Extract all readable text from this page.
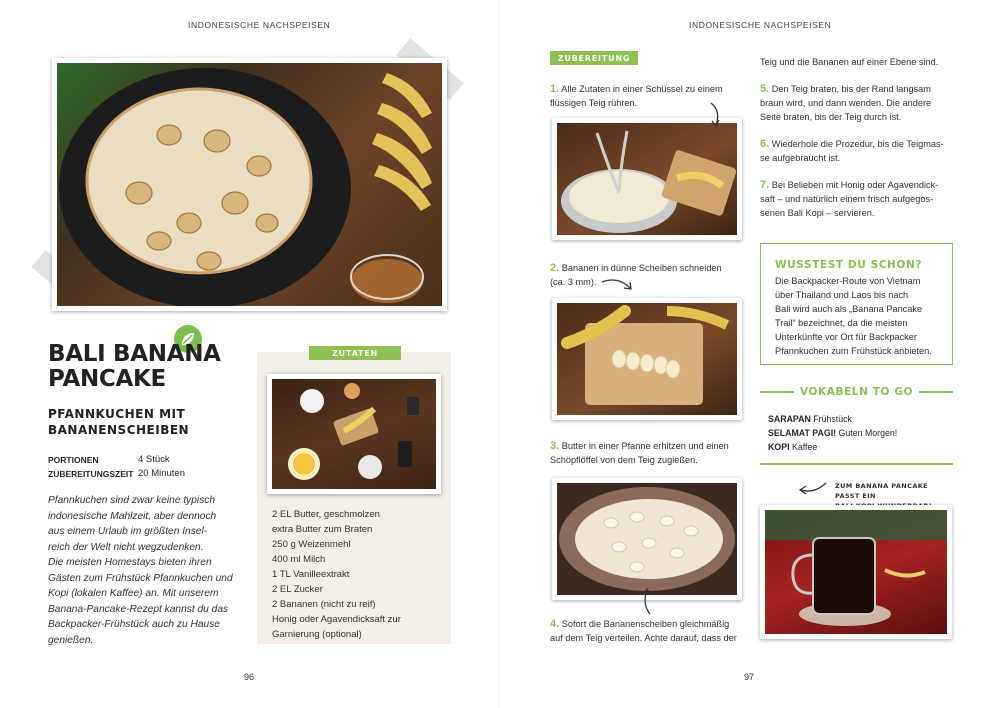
INDONESISCHE NACHSPEISEN
BALI BANANA
PANCAKE
PFANNKUCHEN MIT
BANANENSCHEIBEN
PORTIONEN	4 Stück
ZUBEREITUNGSZEIT 20 Minuten
Pfannkuchen sind zwar keine typisch
indonesische Mahlzeit, aber dennoch
aus einem Urlaub im größten Insel-
reich der Welt nicht wegzudenken.
Die meisten Homestays bieten ihren
Gästen zum Frühstück Pfannkuchen und
Kopi (lokalen Kaffee) an. Mit unserem
Banana-Pancake-Rezept kannst du das
Backpacker-Frühstück auch zu Hause
genießen.
ZUTATEN
2 EL Butter, geschmolzen
extra Butter zum Braten
250 g Weizenmehl
400 ml Milch
1 TL Vanilleextrakt
2 EL Zucker
2 Bananen (nicht zu reif)
Honig oder Agavendicksaft zur
Garnierung (optional)
96
INDONESISCHE NACHSPEISEN
ZUBEREITUNG
97
1. Alle Zutaten in einer Schüssel zu einem
flüssigen Teig rühren.
2. Bananen in dünne Scheiben schneiden
(ca. 3 mm).
3. Butter in einer Pfanne erhitzen und einen
Schöpflöffel von dem Teig zugießen.
4. Sofort die Bananenscheiben gleichmäßig
auf dem Teig verteilen. Achte darauf, dass der
Teig und die Bananen auf einer Ebene sind.
5. Den Teig braten, bis der Rand langsam
braun wird, und dann wenden. Die andere
Seite braten, bis der Teig durch ist.
6. Wiederhole die Prozedur, bis die Teigmas-
se aufgebraucht ist.
7. Bei Belieben mit Honig oder Agavendick-
saft – und natürlich einem frisch aufgegos-
senen Bali Kopi – servieren.
WUSSTEST DU SCHON?
Die Backpacker-Route von Vietnam
über Thailand und Laos bis nach
Bali wird auch als „Banana Pancake
Trail“ bezeichnet, da die meisten
Unterkünfte vor Ort für Backpacker
Pfannkuchen zum Frühstück anbieten.
VOKABELN TO GO
SARAPAN Frühstück
SELAMAT PAGI! Guten Morgen!
KOPI Kaffee
ZUM BANANA PANCAKE PASST EIN
